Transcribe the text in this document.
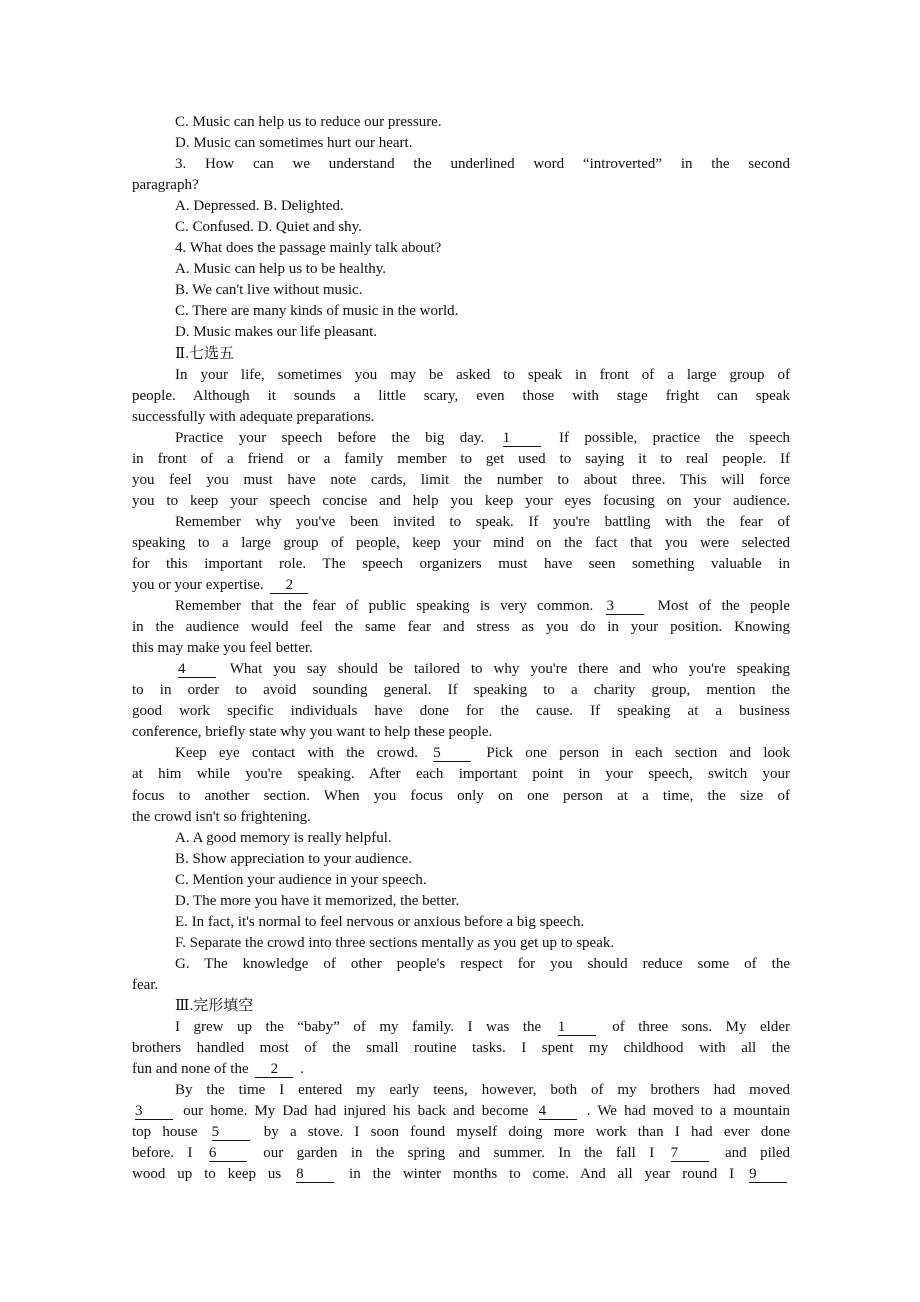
C. Music can help us to reduce our pressure.
D. Music can sometimes hurt our heart.
3. How can we understand the underlined word “introverted” in the second
paragraph?
A. Depressed. B. Delighted.
C. Confused. D. Quiet and shy.
4. What does the passage mainly talk about?
A. Music can help us to be healthy.
B. We can't live without music.
C. There are many kinds of music in the world.
D. Music makes our life pleasant.
Ⅱ.七选五
In your life, sometimes you may be asked to speak in front of a large group of
people. Although it sounds a little scary, even those with stage fright can speak
successfully with adequate preparations.
Practice your speech before the big day. 1	If possible, practice the speech
in front of a friend or a family member to get used to saying it to real people. If
you feel you must have note cards, limit the number to about three. This will force
you to keep your speech concise and help you keep your eyes focusing on your audience.
Remember why you've been invited to speak. If you're battling with the fear of
speaking to a large group of people, keep your mind on the fact that you were selected
for this important role. The speech organizers must have seen something valuable in
you or your expertise. 2
Remember that the fear of public speaking is very common. 3	Most of the people
in the audience would feel the same fear and stress as you do in your position. Knowing
this may make you feel better.
4	What you say should be tailored to why you're there and who you're speaking
to in order to avoid sounding general. If speaking to a charity group, mention the
good work specific individuals have done for the cause. If speaking at a business
conference, briefly state why you want to help these people.
Keep eye contact with the crowd. 5	Pick one person in each section and look
at him while you're speaking. After each important point in your speech, switch your
focus to another section. When you focus only on one person at a time, the size of
the crowd isn't so frightening.
A. A good memory is really helpful.
B. Show appreciation to your audience.
C. Mention your audience in your speech.
D. The more you have it memorized, the better.
E. In fact, it's normal to feel nervous or anxious before a big speech.
F. Separate the crowd into three sections mentally as you get up to speak.
G. The knowledge of other people's respect for you should reduce some of the
fear.
Ⅲ.完形填空
I grew up the “baby” of my family. I was the 1	of three sons. My elder
brothers handled most of the small routine tasks. I spent my childhood with all the
fun and none of the 2 .
By the time I entered my early teens, however, both of my brothers had moved
3	our home. My Dad had injured his back and become 4	. We had moved to a mountain
top house 5	by a stove. I soon found myself doing more work than I had ever done
before. I 6	our garden in the spring and summer. In the fall I 7	and piled
wood up to keep us 8	in the winter months to come. And all year round I 9
